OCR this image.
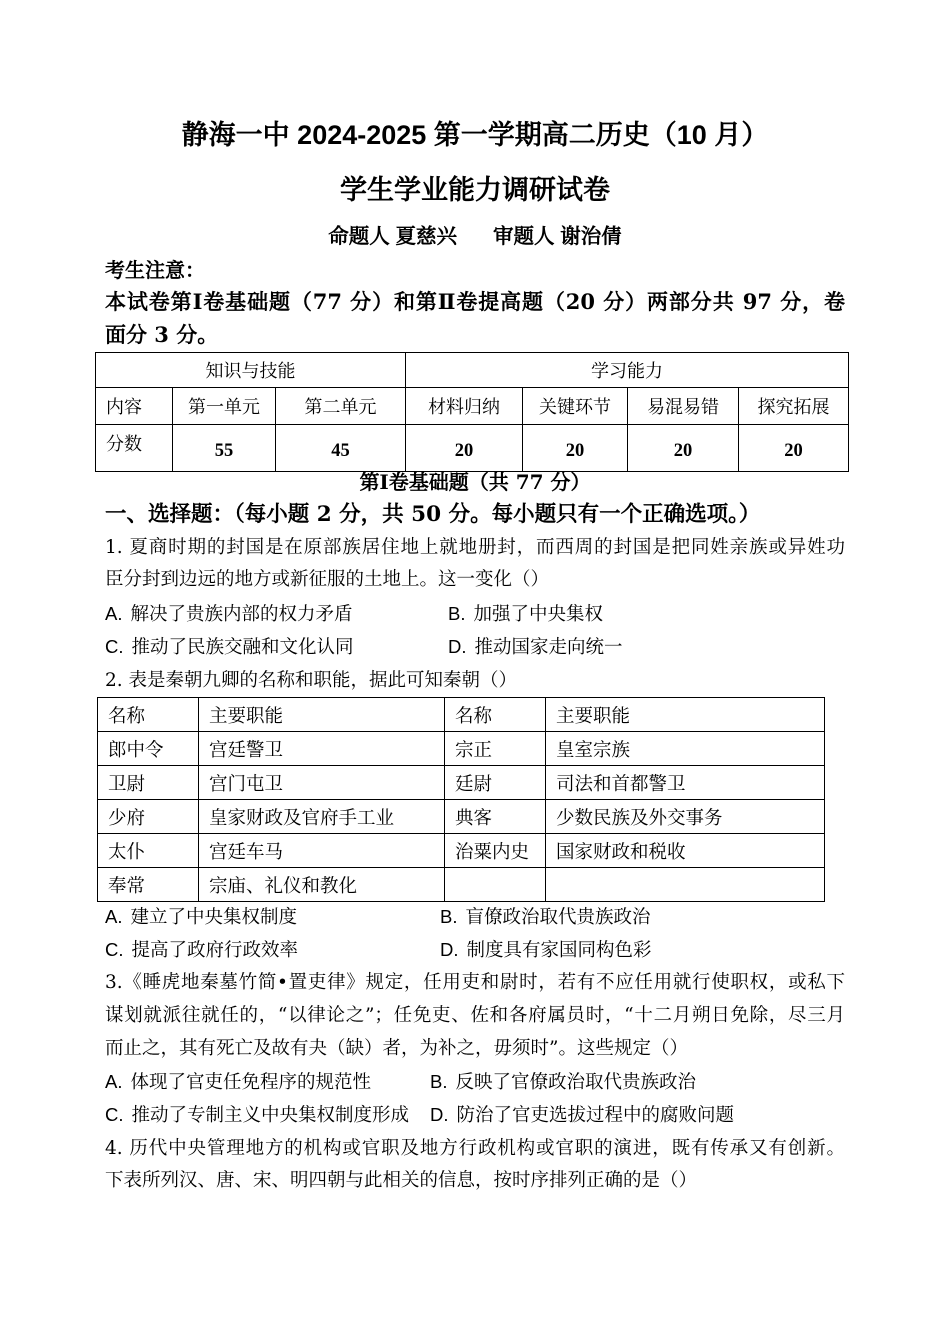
静海一中 2024-2025 第一学期高二历史（10 月）
学生学业能力调研试卷
命题人 夏慈兴 审题人 谢治倩
考生注意：
本试卷第Ⅰ卷基础题（77 分）和第Ⅱ卷提高题（20 分）两部分共 97 分，卷
面分 3 分。
知识与技能			学习能力			
内容	第一单元	第二单元	材料归纳	关键环节	易混易错	探究拓展
分数	55	45	20	20	20	20
第Ⅰ卷基础题（共 77 分）
一、选择题：（每小题 2 分，共 50 分。每小题只有一个正确选项。）
1. 夏商时期的封国是在原部族居住地上就地册封，而西周的封国是把同姓亲族或异姓功
臣分封到边远的地方或新征服的土地上。这一变化（）
A. 解决了贵族内部的权力矛盾	B. 加强了中央集权
C. 推动了民族交融和文化认同	D. 推动国家走向统一
2. 表是秦朝九卿的名称和职能，据此可知秦朝（）
名称	主要职能	名称	主要职能
郎中令	宫廷警卫	宗正	皇室宗族
卫尉	宫门屯卫	廷尉	司法和首都警卫
少府	皇家财政及官府手工业	典客	少数民族及外交事务
太仆	宫廷车马	治粟内史	国家财政和税收
奉常	宗庙、礼仪和教化		
A. 建立了中央集权制度	B. 盲僚政治取代贵族政治
C. 提高了政府行政效率	D. 制度具有家国同构色彩
3.《睡虎地秦墓竹简•置吏律》规定，任用吏和尉时，若有不应任用就行使职权，或私下
谋划就派往就任的，“以律论之”；任免吏、佐和各府属员时，“十二月朔日免除，尽三月
而止之，其有死亡及故有夬（缺）者，为补之，毋须时”。这些规定（）
A. 体现了官吏任免程序的规范性	B. 反映了官僚政治取代贵族政治
C. 推动了专制主义中央集权制度形成 D. 防治了官吏选拔过程中的腐败问题
4. 历代中央管理地方的机构或官职及地方行政机构或官职的演进，既有传承又有创新。
下表所列汉、唐、宋、明四朝与此相关的信息，按时序排列正确的是（）
